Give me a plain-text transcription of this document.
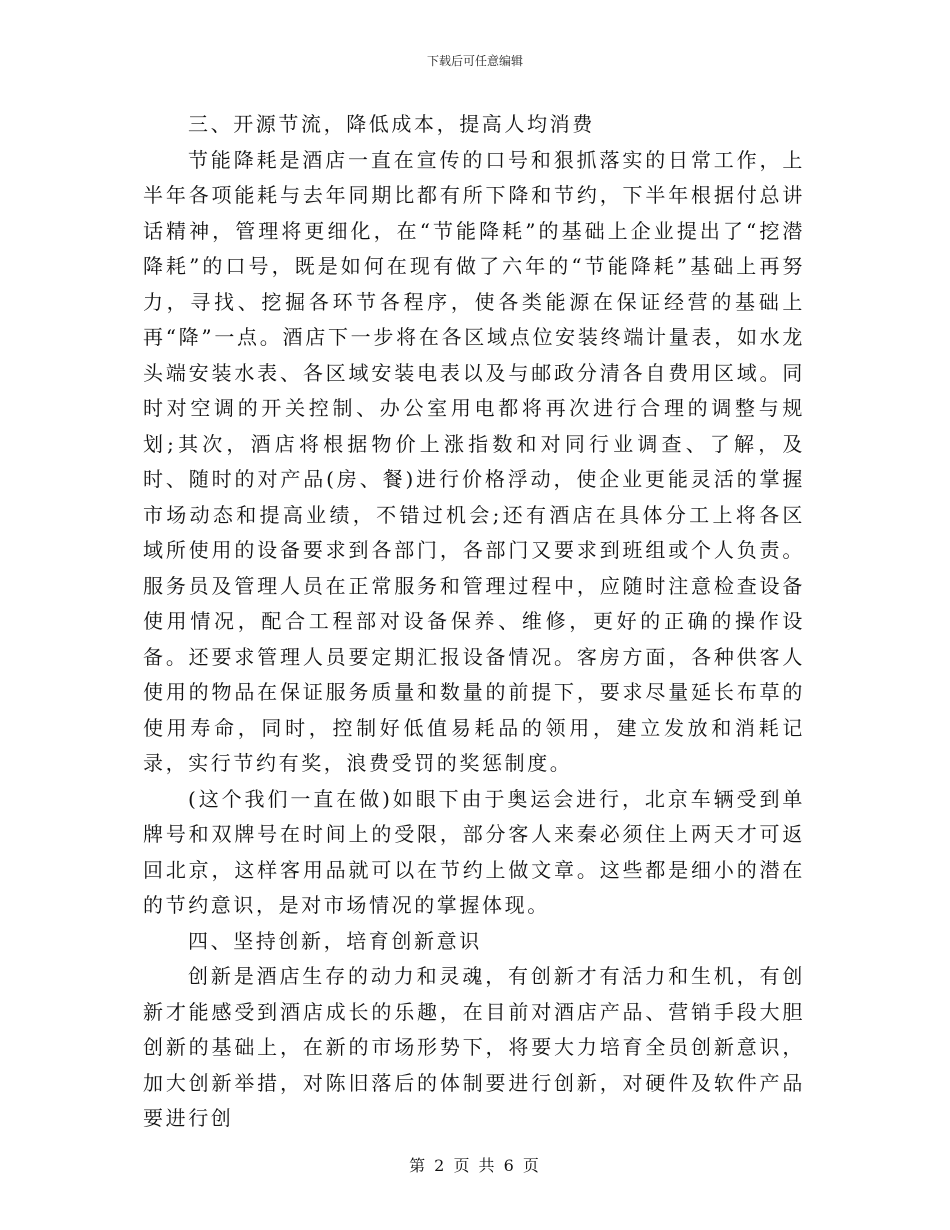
下载后可任意编辑

三、开源节流，降低成本，提高人均消费

节能降耗是酒店一直在宣传的口号和狠抓落实的日常工作，上半年各项能耗与去年同期比都有所下降和节约，下半年根据付总讲话精神，管理将更细化，在“节能降耗”的基础上企业提出了“挖潜降耗”的口号，既是如何在现有做了六年的“节能降耗”基础上再努力，寻找、挖掘各环节各程序，使各类能源在保证经营的基础上再“降”一点。酒店下一步将在各区域点位安装终端计量表，如水龙头端安装水表、各区域安装电表以及与邮政分清各自费用区域。同时对空调的开关控制、办公室用电都将再次进行合理的调整与规划;其次，酒店将根据物价上涨指数和对同行业调查、了解，及时、随时的对产品(房、餐)进行价格浮动，使企业更能灵活的掌握市场动态和提高业绩，不错过机会;还有酒店在具体分工上将各区域所使用的设备要求到各部门，各部门又要求到班组或个人负责。服务员及管理人员在正常服务和管理过程中，应随时注意检查设备使用情况，配合工程部对设备保养、维修，更好的正确的操作设备。还要求管理人员要定期汇报设备情况。客房方面，各种供客人使用的物品在保证服务质量和数量的前提下，要求尽量延长布草的使用寿命，同时，控制好低值易耗品的领用，建立发放和消耗记录，实行节约有奖，浪费受罚的奖惩制度。

(这个我们一直在做)如眼下由于奥运会进行，北京车辆受到单牌号和双牌号在时间上的受限，部分客人来秦必须住上两天才可返回北京，这样客用品就可以在节约上做文章。这些都是细小的潜在的节约意识，是对市场情况的掌握体现。

四、坚持创新，培育创新意识

创新是酒店生存的动力和灵魂，有创新才有活力和生机，有创新才能感受到酒店成长的乐趣，在目前对酒店产品、营销手段大胆创新的基础上，在新的市场形势下，将要大力培育全员创新意识，加大创新举措，对陈旧落后的体制要进行创新，对硬件及软件产品要进行创

第 2 页 共 6 页
